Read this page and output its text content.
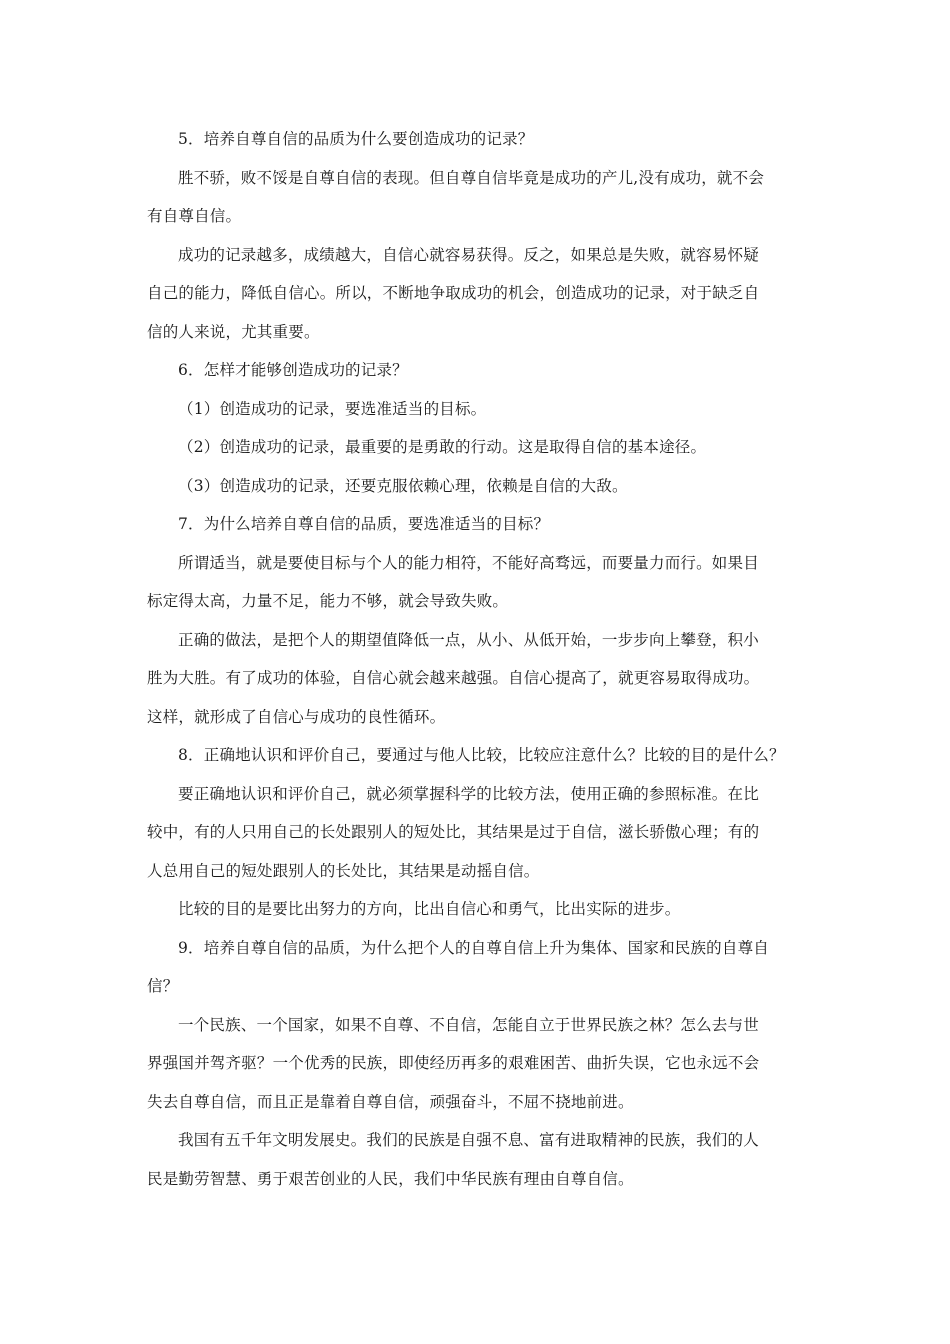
5．培养自尊自信的品质为什么要创造成功的记录？
胜不骄，败不馁是自尊自信的表现。但自尊自信毕竟是成功的产儿,没有成功，就不会
有自尊自信。
成功的记录越多，成绩越大，自信心就容易获得。反之，如果总是失败，就容易怀疑
自己的能力，降低自信心。所以，不断地争取成功的机会，创造成功的记录，对于缺乏自
信的人来说，尤其重要。
6．怎样才能够创造成功的记录？
（1）创造成功的记录，要选准适当的目标。
（2）创造成功的记录，最重要的是勇敢的行动。这是取得自信的基本途径。
（3）创造成功的记录，还要克服依赖心理，依赖是自信的大敌。
7．为什么培养自尊自信的品质，要选准适当的目标？
所谓适当，就是要使目标与个人的能力相符，不能好高骛远，而要量力而行。如果目
标定得太高，力量不足，能力不够，就会导致失败。
正确的做法，是把个人的期望值降低一点，从小、从低开始，一步步向上攀登，积小
胜为大胜。有了成功的体验，自信心就会越来越强。自信心提高了，就更容易取得成功。
这样，就形成了自信心与成功的良性循环。
8．正确地认识和评价自己，要通过与他人比较，比较应注意什么？比较的目的是什么？
要正确地认识和评价自己，就必须掌握科学的比较方法，使用正确的参照标准。在比
较中，有的人只用自己的长处跟别人的短处比，其结果是过于自信，滋长骄傲心理；有的
人总用自己的短处跟别人的长处比，其结果是动摇自信。
比较的目的是要比出努力的方向，比出自信心和勇气，比出实际的进步。
9．培养自尊自信的品质，为什么把个人的自尊自信上升为集体、国家和民族的自尊自
信？
一个民族、一个国家，如果不自尊、不自信，怎能自立于世界民族之林？怎么去与世
界强国并驾齐驱？一个优秀的民族，即使经历再多的艰难困苦、曲折失误，它也永远不会
失去自尊自信，而且正是靠着自尊自信，顽强奋斗，不屈不挠地前进。
我国有五千年文明发展史。我们的民族是自强不息、富有进取精神的民族，我们的人
民是勤劳智慧、勇于艰苦创业的人民，我们中华民族有理由自尊自信。
